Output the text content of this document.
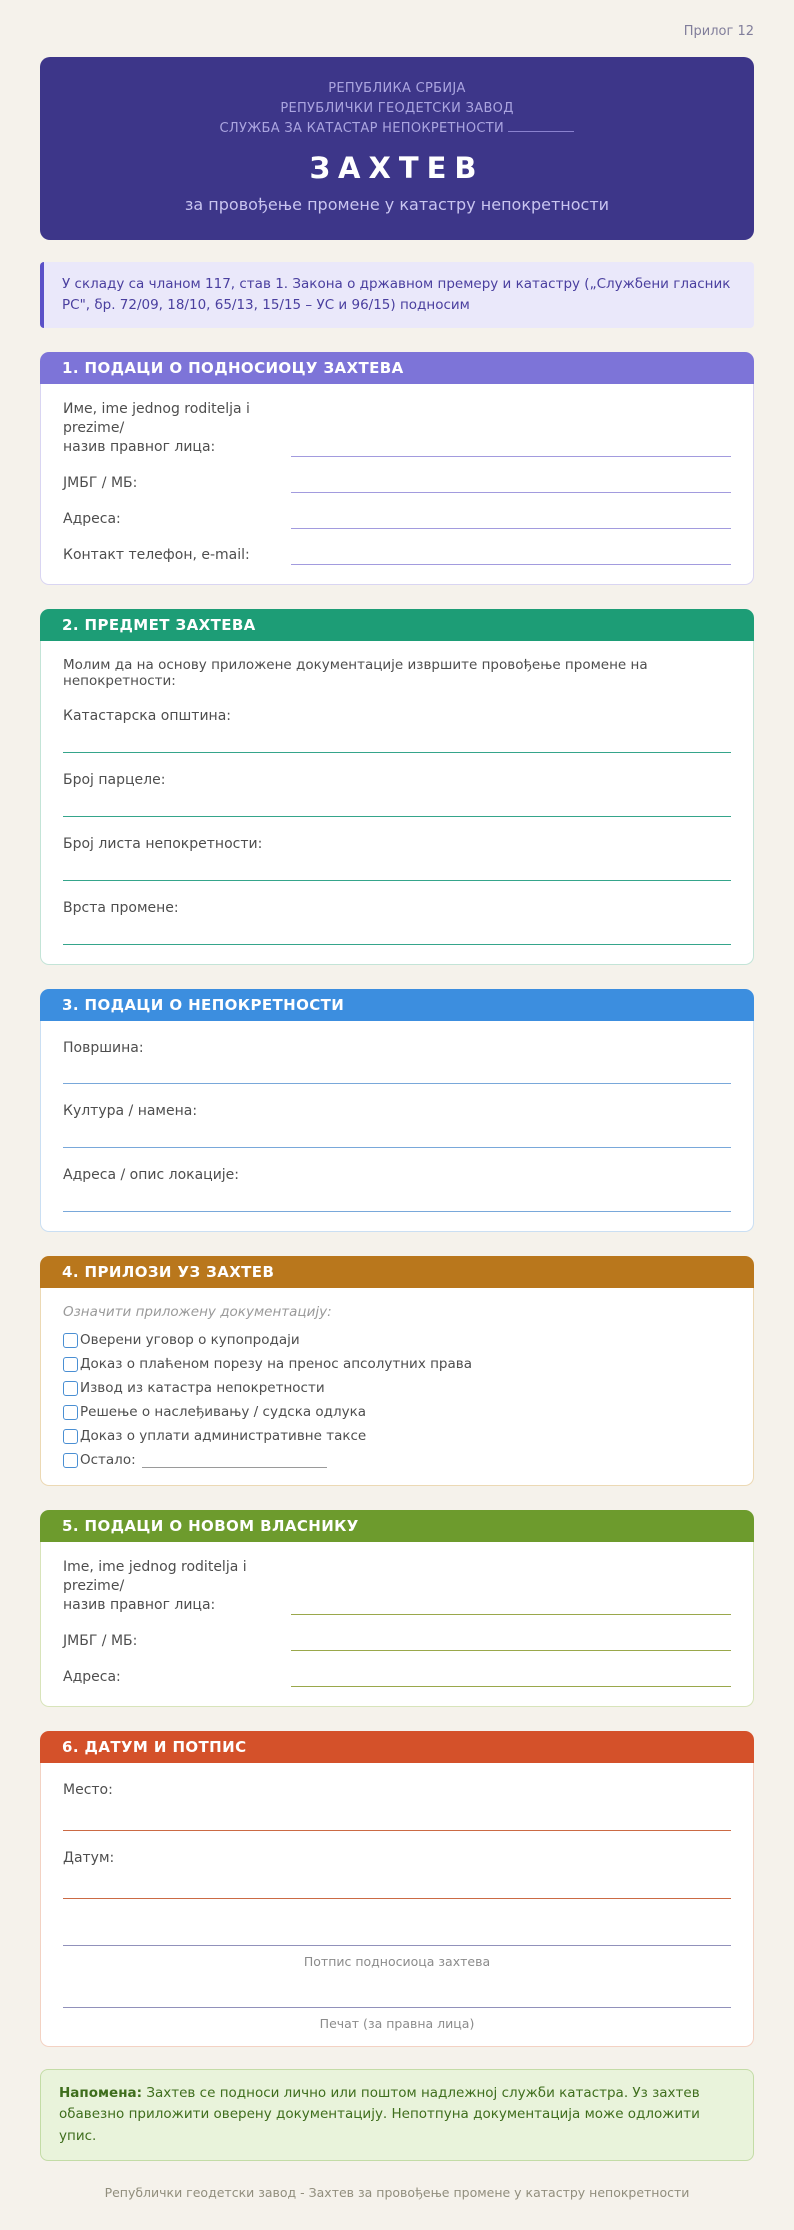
Прилог 12
РЕПУБЛИКА СРБИЈА
РЕПУБЛИЧКИ ГЕОДЕТСКИ ЗАВОД
СЛУЖБА ЗА КАТАСТАР НЕПОКРЕТНОСТИ
ЗАХТЕВ
за провођење промене у катастру непокретности
У складу са чланом 117, став 1. Закона о државном премеру и катастру („Службени гласник РС", бр. 72/09, 18/10, 65/13, 15/15 – УС и 96/15) подносим
1. ПОДАЦИ О ПОДНОСИОЦУ ЗАХТЕВА
Име, ime jednog roditelja i prezime/
назив правног лица:
ЈМБГ / МБ:
Адреса:
Контакт телефон, e-mail:
2. ПРЕДМЕТ ЗАХТЕВА
Молим да на основу приложене документације извршите провођење промене на непокретности:
Катастарска општина:
Број парцеле:
Број листа непокретности:
Врста промене:
3. ПОДАЦИ О НЕПОКРЕТНОСТИ
Површина:
Култура / намена:
Адреса / опис локације:
4. ПРИЛОЗИ УЗ ЗАХТЕВ
Означити приложену документацију:
Оверени уговор о купопродаји
Доказ о плаћеном порезу на пренос апсолутних права
Извод из катастра непокретности
Решење о наслеђивању / судска одлука
Доказ о уплати административне таксе
Остало:
5. ПОДАЦИ О НОВОМ ВЛАСНИКУ
Ime, ime jednog roditelja i prezime/
назив правног лица:
ЈМБГ / МБ:
Адреса:
6. ДАТУМ И ПОТПИС
Место:
Датум:
Потпис подносиоца захтева
Печат (за правна лица)
Напомена: Захтев се подноси лично или поштом надлежној служби катастра. Уз захтев обавезно приложити оверену документацију. Непотпуна документација може одложити упис.
Републички геодетски завод - Захтев за провођење промене у катастру непокретности
